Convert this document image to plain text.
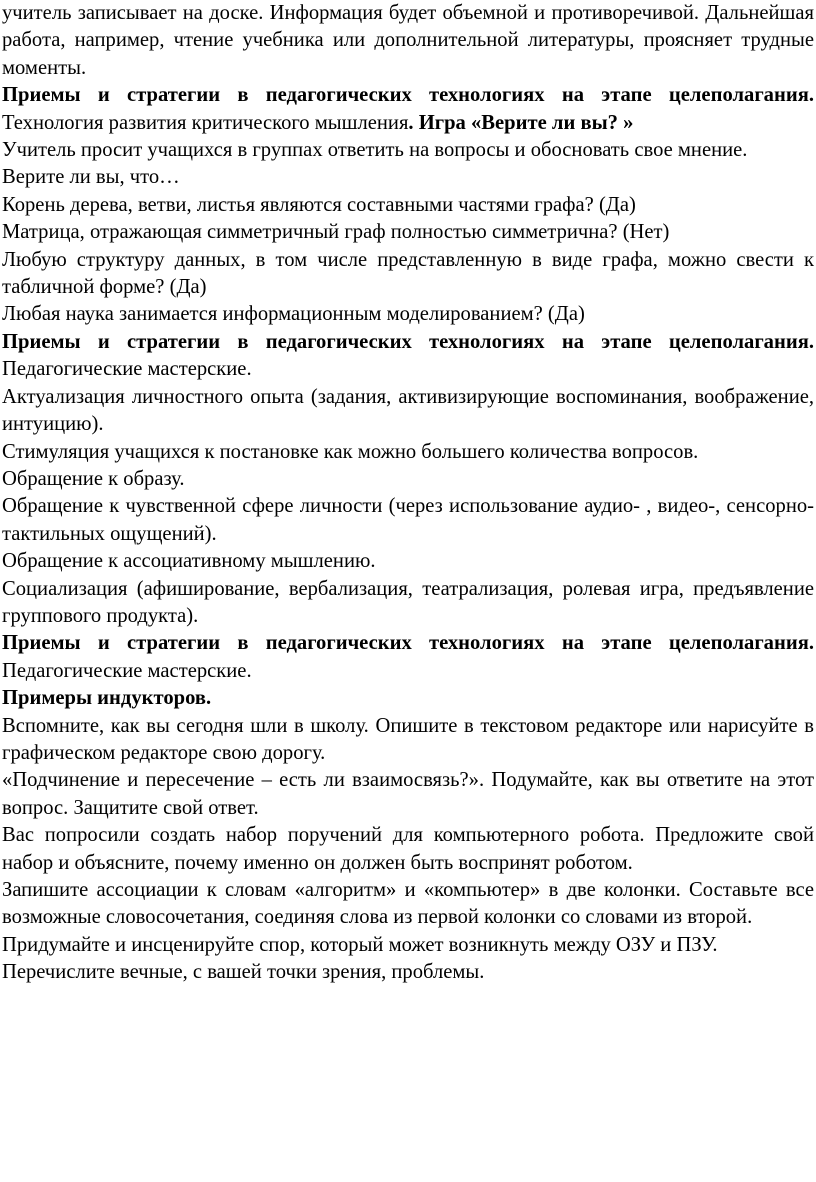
учитель записывает на доске. Информация будет объемной и противоречивой. Дальнейшая работа, например, чтение учебника или дополнительной литературы, проясняет трудные моменты.

Приемы и стратегии в педагогических технологиях на этапе целеполагания. Технология развития критического мышления. Игра «Верите ли вы? »

Учитель просит учащихся в группах ответить на вопросы и обосновать свое мнение.

Верите ли вы, что…

Корень дерева, ветви, листья являются составными частями графа? (Да)

Матрица, отражающая симметричный граф полностью симметрична? (Нет)

Любую структуру данных, в том числе представленную в виде графа, можно свести к табличной форме? (Да)

Любая наука занимается информационным моделированием? (Да)

Приемы и стратегии в педагогических технологиях на этапе целеполагания. Педагогические мастерские.

Актуализация личностного опыта (задания, активизирующие воспоминания, воображение, интуицию).

Стимуляция учащихся к постановке как можно большего количества вопросов.

Обращение к образу.

Обращение к чувственной сфере личности (через использование аудио- , видео-, сенсорно-тактильных ощущений).

Обращение к ассоциативному мышлению.

Социализация (афиширование, вербализация, театрализация, ролевая игра, предъявление группового продукта).

Приемы и стратегии в педагогических технологиях на этапе целеполагания. Педагогические мастерские.

Примеры индукторов.

Вспомните, как вы сегодня шли в школу. Опишите в текстовом редакторе или нарисуйте в графическом редакторе свою дорогу.

«Подчинение и пересечение – есть ли взаимосвязь?». Подумайте, как вы ответите на этот вопрос. Защитите свой ответ.

Вас попросили создать набор поручений для компьютерного робота. Предложите свой набор и объясните, почему именно он должен быть воспринят роботом.

Запишите ассоциации к словам «алгоритм» и «компьютер» в две колонки. Составьте все возможные словосочетания, соединяя слова из первой колонки со словами из второй.

Придумайте и инсценируйте спор, который может возникнуть между ОЗУ и ПЗУ.

Перечислите вечные, с вашей точки зрения, проблемы.
